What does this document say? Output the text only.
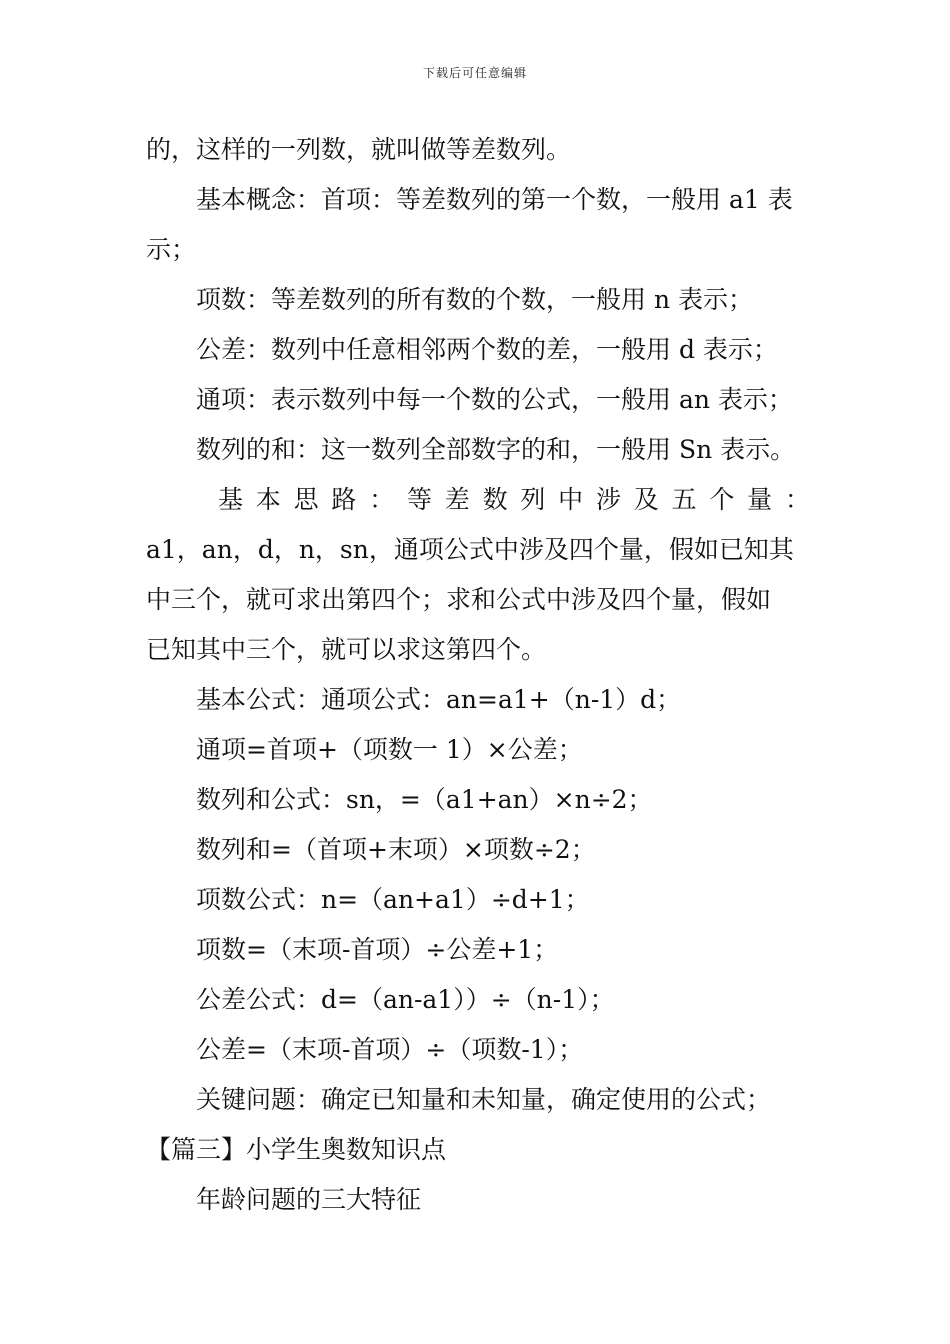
下载后可任意编辑
的，这样的一列数，就叫做等差数列。
基本概念：首项：等差数列的第一个数，一般用 a1 表
示；
项数：等差数列的所有数的个数，一般用 n 表示；
公差：数列中任意相邻两个数的差，一般用 d 表示；
通项：表示数列中每一个数的公式，一般用 an 表示；
数列的和：这一数列全部数字的和，一般用 Sn 表示。
基 本 思 路 ： 等 差 数 列 中 涉 及 五 个 量 ：
a1，an，d，n，sn，通项公式中涉及四个量，假如已知其
中三个，就可求出第四个；求和公式中涉及四个量，假如
已知其中三个，就可以求这第四个。
基本公式：通项公式：an=a1+（n-1）d；
通项=首项+（项数一 1）×公差；
数列和公式：sn，=（a1+an）×n÷2；
数列和=（首项+末项）×项数÷2；
项数公式：n=（an+a1）÷d+1；
项数=（末项-首项）÷公差+1；
公差公式：d=（an-a1））÷（n-1）；
公差=（末项-首项）÷（项数-1）；
关键问题：确定已知量和未知量，确定使用的公式；
【篇三】小学生奥数知识点
年龄问题的三大特征
